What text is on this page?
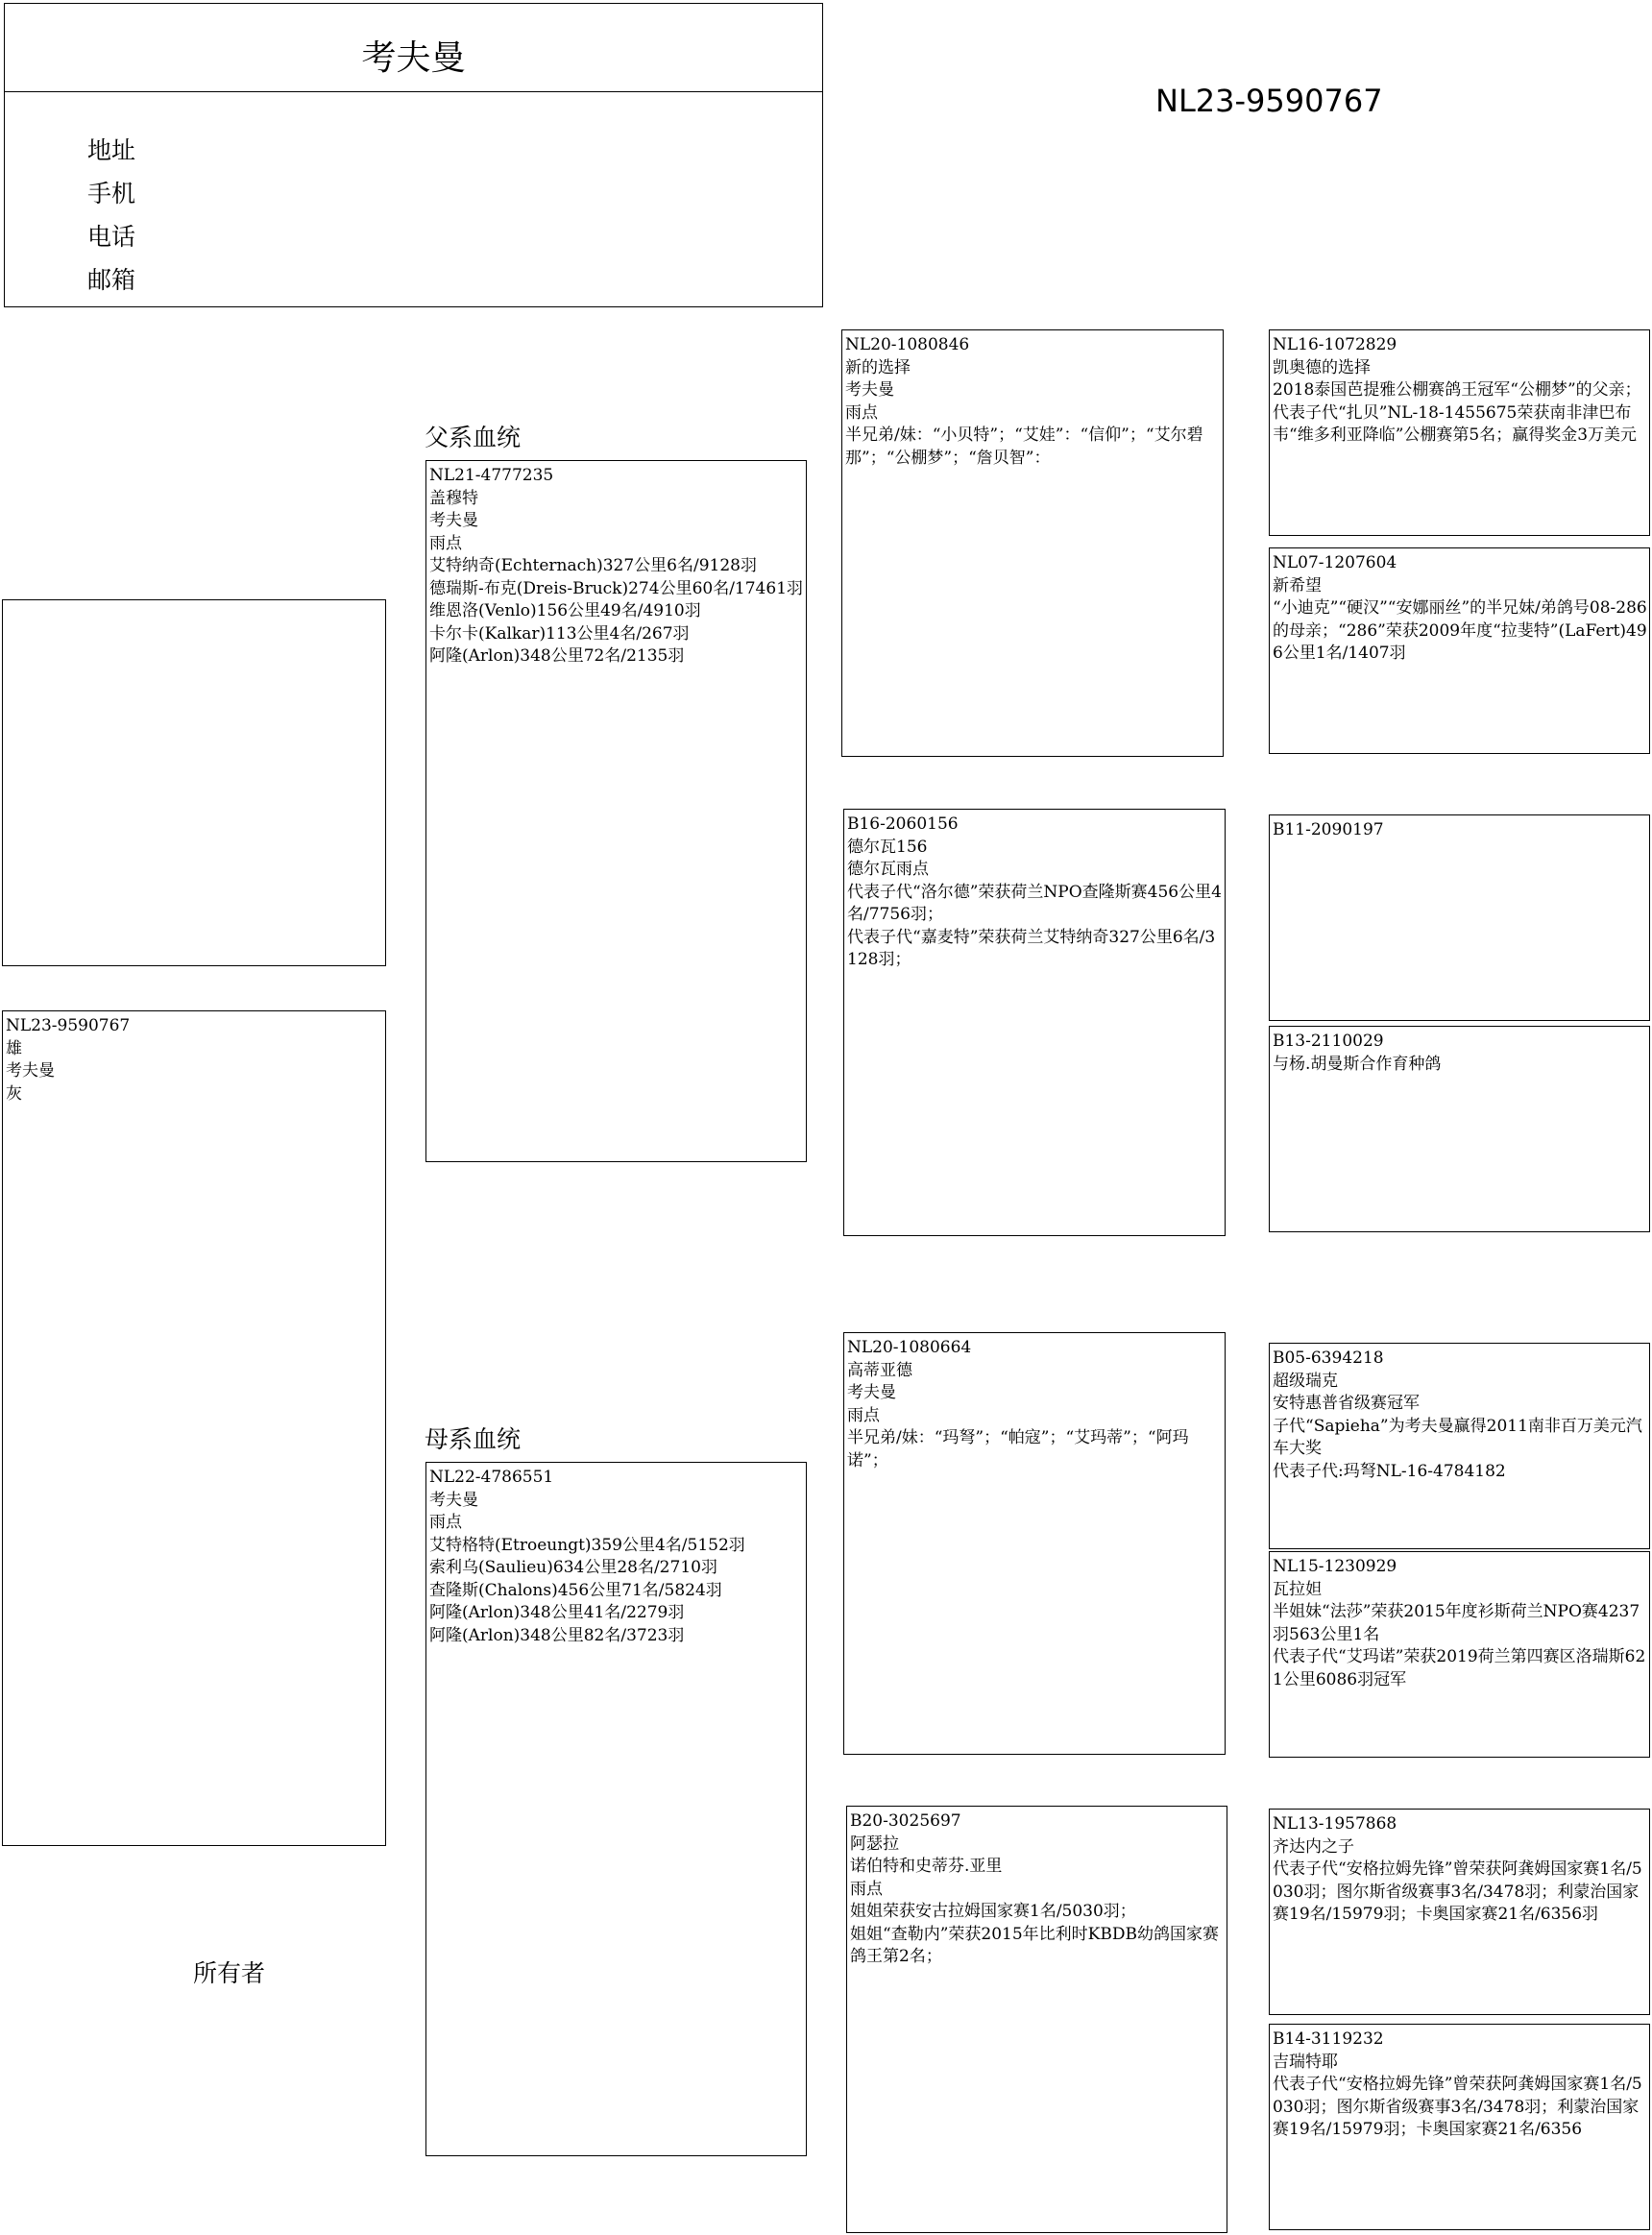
考夫曼
地址
手机
电话
邮箱
NL23-9590767
NL23-9590767
雄
考夫曼
灰
所有者
父系血统
NL21-4777235
盖穆特
考夫曼
雨点
艾特纳奇(Echternach)327公里6名/9128羽
德瑞斯-布克(Dreis-Bruck)274公里60名/17461羽
维恩洛(Venlo)156公里49名/4910羽
卡尔卡(Kalkar)113公里4名/267羽
阿隆(Arlon)348公里72名/2135羽
母系血统
NL22-4786551
考夫曼
雨点
艾特格特(Etroeungt)359公里4名/5152羽
索利乌(Saulieu)634公里28名/2710羽
查隆斯(Chalons)456公里71名/5824羽
阿隆(Arlon)348公里41名/2279羽
阿隆(Arlon)348公里82名/3723羽
NL20-1080846
新的选择
考夫曼
雨点
半兄弟/妹：“小贝特”；“艾娃”：“信仰”；“艾尔碧那”；“公棚梦”；“詹贝智”：
B16-2060156
德尔瓦156
德尔瓦雨点
代表子代“洛尔德”荣获荷兰NPO查隆斯赛456公里4名/7756羽；
代表子代“嘉麦特”荣获荷兰艾特纳奇327公里6名/3128羽；
NL20-1080664
高蒂亚德
考夫曼
雨点
半兄弟/妹：“玛弩”；“帕寇”；“艾玛蒂”；“阿玛诺”；
B20-3025697
阿瑟拉
诺伯特和史蒂芬.亚里
雨点
姐姐荣获安古拉姆国家赛1名/5030羽；
姐姐“查勒内”荣获2015年比利时KBDB幼鸽国家赛鸽王第2名；
NL16-1072829
凯奥德的选择
2018泰国芭提雅公棚赛鸽王冠军“公棚梦”的父亲；
代表子代“扎贝”NL-18-1455675荣获南非津巴布韦“维多利亚降临”公棚赛第5名；赢得奖金3万美元
NL07-1207604
新希望
“小迪克”“硬汉”“安娜丽丝”的半兄妹/弟鸽号08-286的母亲；“286”荣获2009年度“拉斐特”(LaFert)496公里1名/1407羽
B11-2090197
B13-2110029
与杨.胡曼斯合作育种鸽
B05-6394218
超级瑞克
安特惠普省级赛冠军
子代“Sapieha”为考夫曼赢得2011南非百万美元汽车大奖
代表子代:玛弩NL-16-4784182
NL15-1230929
瓦拉妲
半姐妹“法莎”荣获2015年度衫斯荷兰NPO赛4237羽563公里1名
代表子代“艾玛诺”荣获2019荷兰第四赛区洛瑞斯621公里6086羽冠军
NL13-1957868
齐达内之子
代表子代“安格拉姆先锋”曾荣获阿龚姆国家赛1名/5030羽；图尔斯省级赛事3名/3478羽；利蒙治国家赛19名/15979羽；卡奥国家赛21名/6356羽
B14-3119232
吉瑞特耶
代表子代“安格拉姆先锋”曾荣获阿龚姆国家赛1名/5030羽；图尔斯省级赛事3名/3478羽；利蒙治国家赛19名/15979羽；卡奥国家赛21名/6356
